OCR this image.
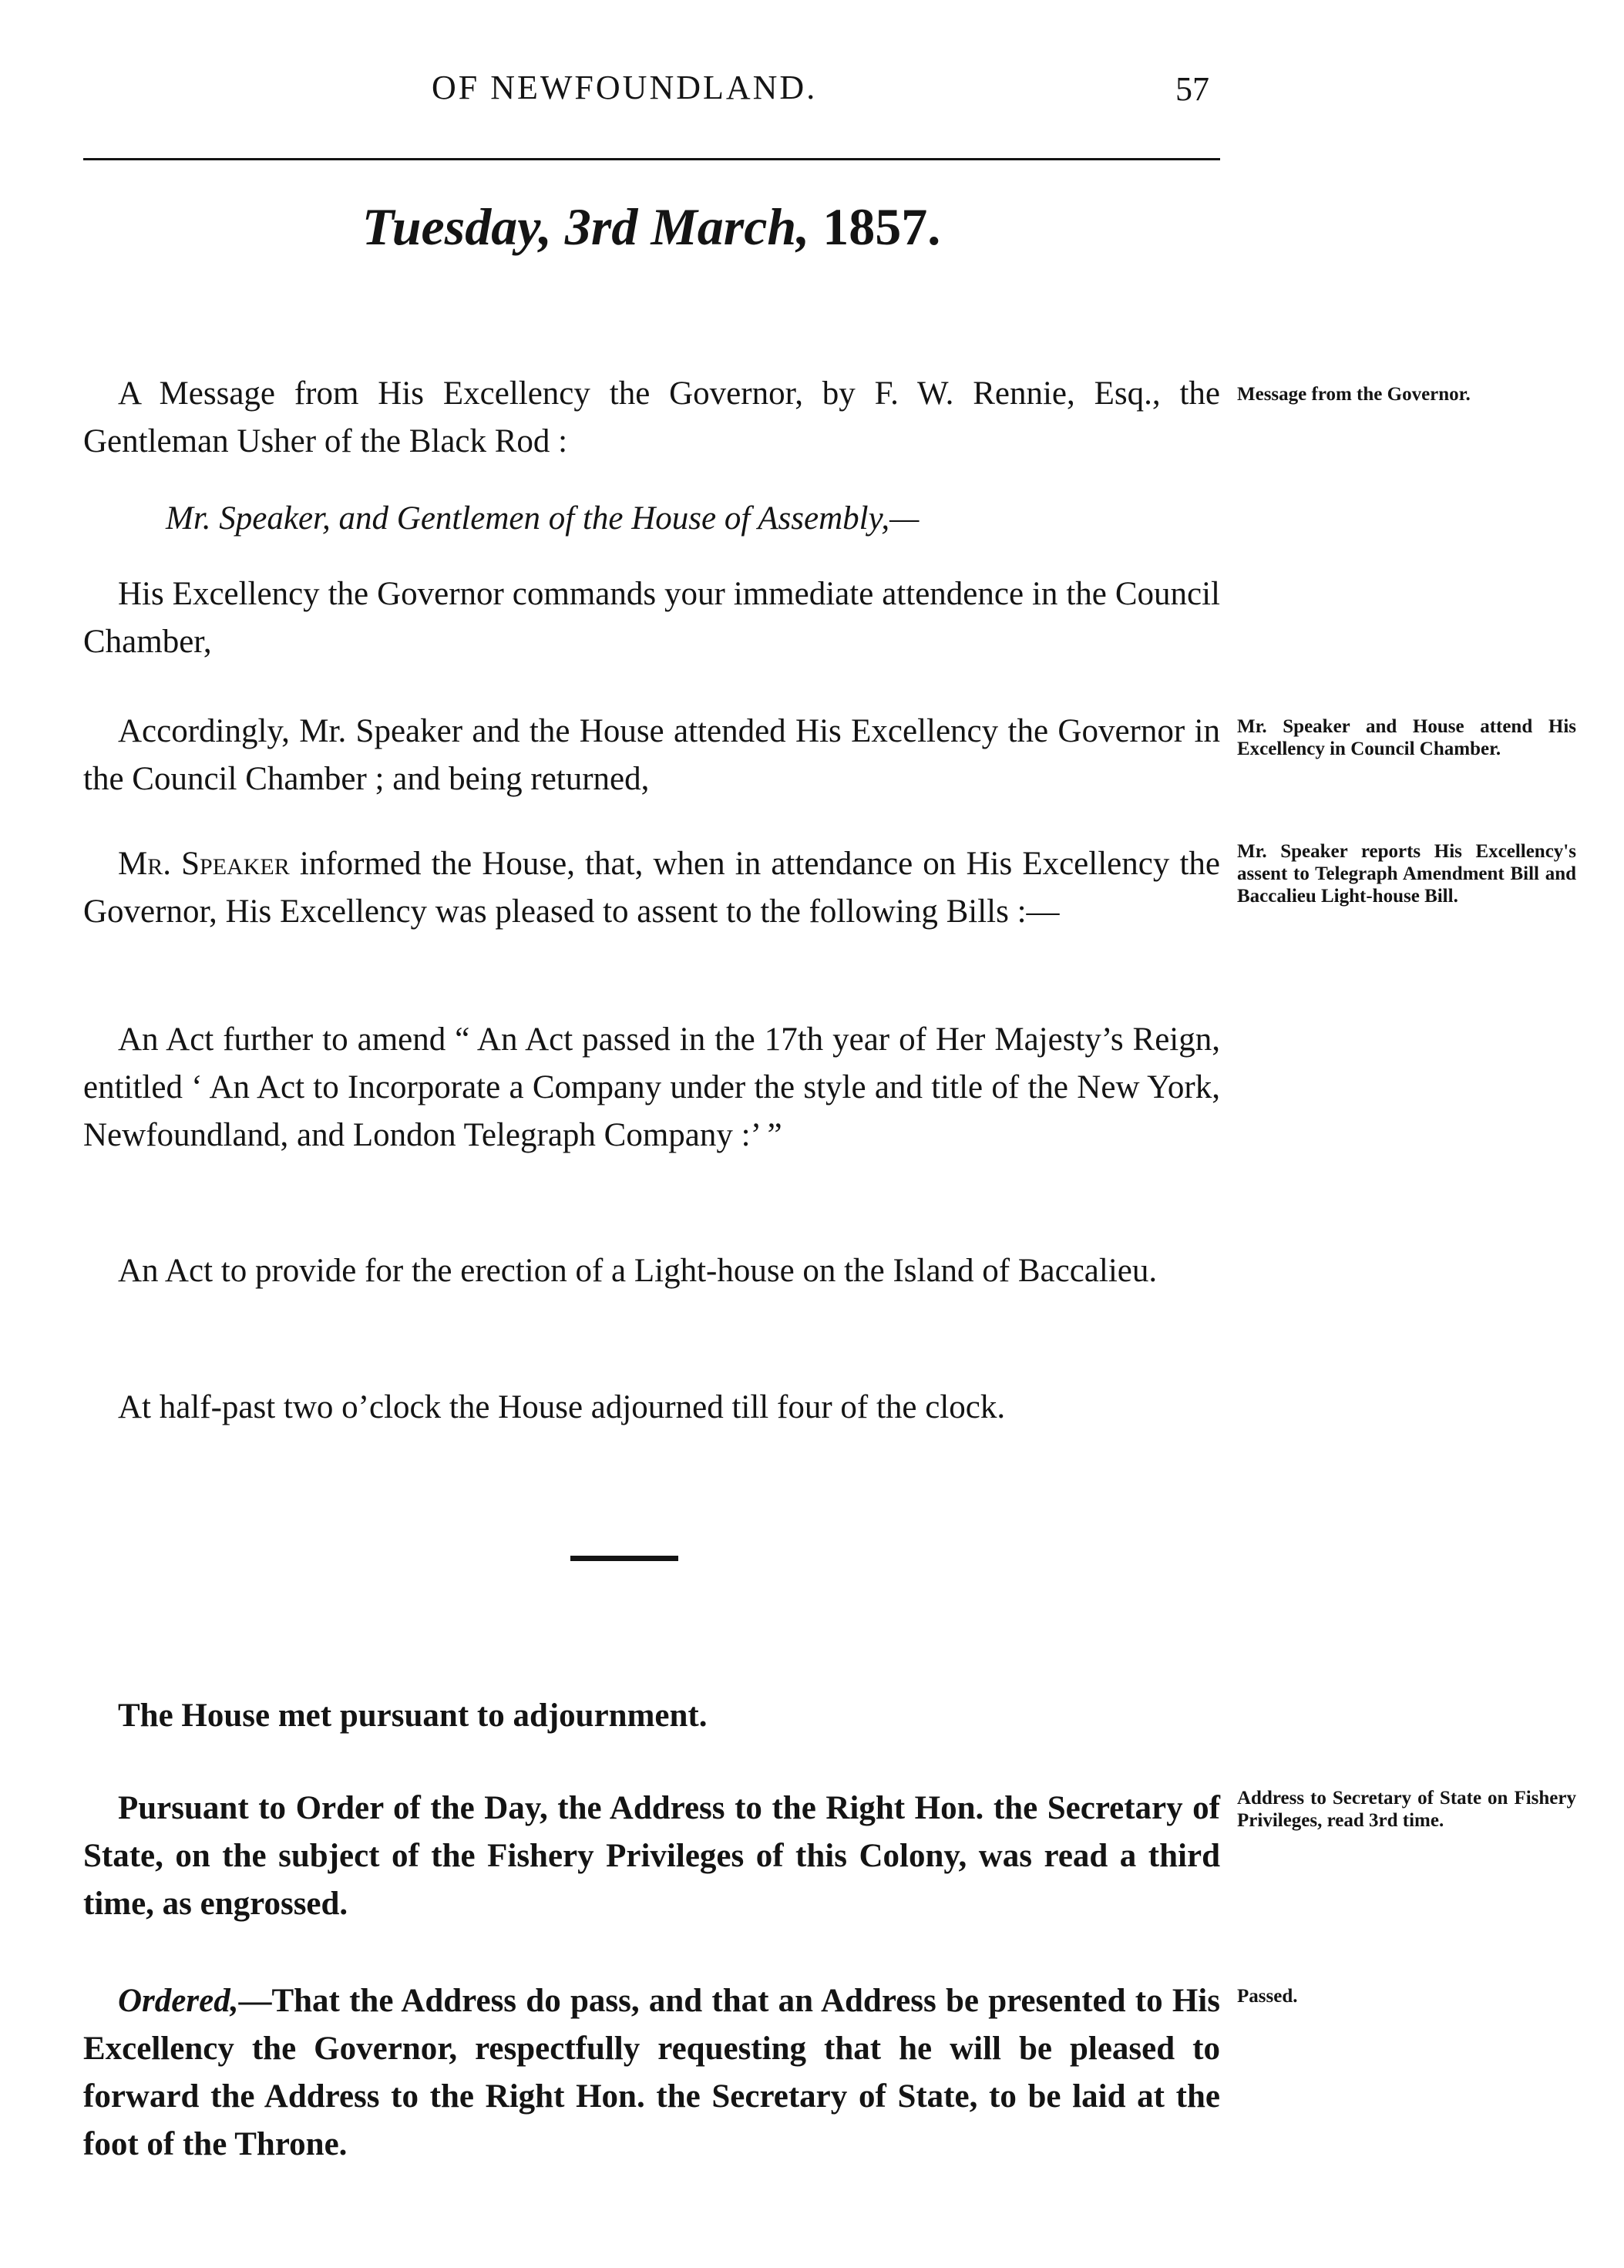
OF NEWFOUNDLAND.	57
Tuesday, 3rd March, 1857.
A Message from His Excellency the Governor, by F. W. Rennie, Esq., the Gentleman Usher of the Black Rod :
Message from the Governor.
Mr. Speaker, and Gentlemen of the House of Assembly,—
His Excellency the Governor commands your immediate attendence in the Council Chamber,
Accordingly, Mr. Speaker and the House attended His Excellency the Governor in the Council Chamber ; and being returned,
Mr. Speaker and House attend His Excellency in Council Chamber.
Mr. Speaker informed the House, that, when in attendance on His Excellency the Governor, His Excellency was pleased to assent to the following Bills :—
Mr. Speaker reports His Excellency's assent to Telegraph Amendment Bill and Baccalieu Light-house Bill.
An Act further to amend “ An Act passed in the 17th year of Her Majesty’s Reign, entitled ‘ An Act to Incorporate a Company under the style and title of the New York, Newfoundland, and London Telegraph Company :’ ”
An Act to provide for the erection of a Light-house on the Island of Baccalieu.
At half-past two o’clock the House adjourned till four of the clock.
The House met pursuant to adjournment.
Pursuant to Order of the Day, the Address to the Right Hon. the Secretary of State, on the subject of the Fishery Privileges of this Colony, was read a third time, as engrossed.
Address to Secretary of State on Fishery Privileges, read 3rd time.
Ordered,—That the Address do pass, and that an Address be presented to His Excellency the Governor, respectfully requesting that he will be pleased to forward the Address to the Right Hon. the Secretary of State, to be laid at the foot of the Throne.
Passed.
